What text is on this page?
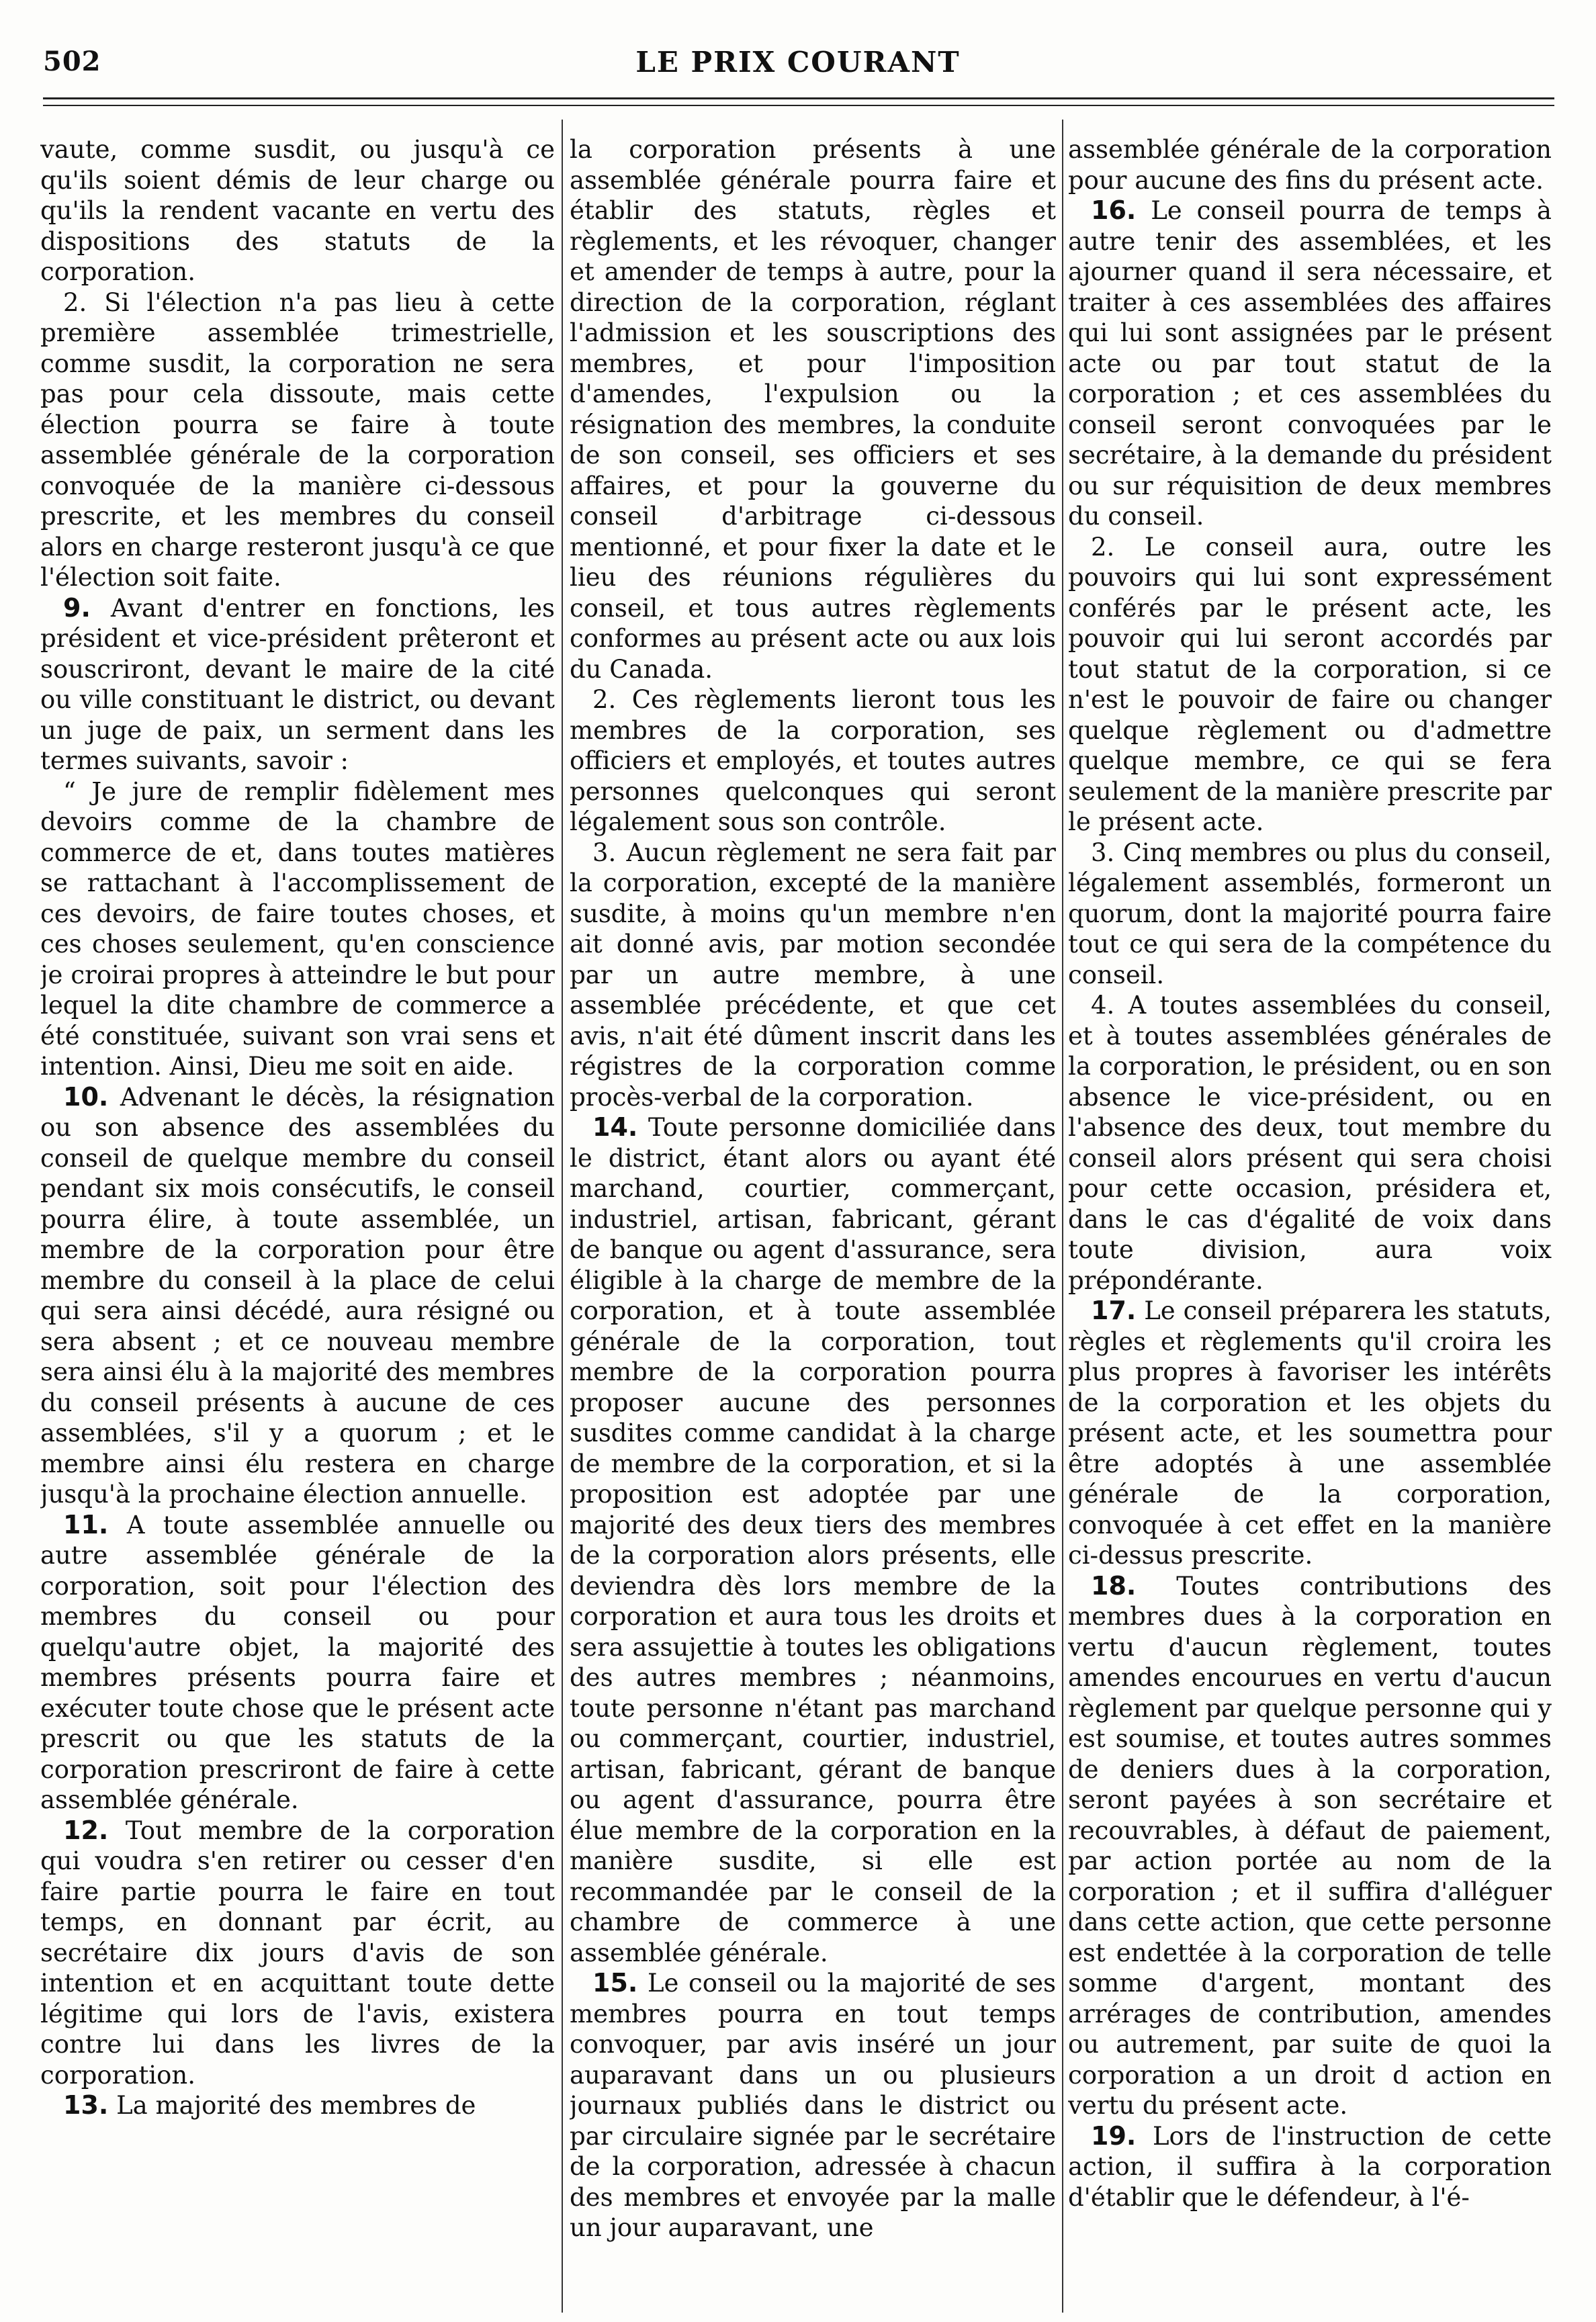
502	LE PRIX COURANT

vaute, comme susdit, ou jusqu'à ce qu'ils soient démis de leur charge ou qu'ils la rendent vacante en vertu des dispositions des statuts de la corporation.

2. Si l'élection n'a pas lieu à cette première assemblée trimestrielle, comme susdit, la corporation ne sera pas pour cela dissoute, mais cette élection pourra se faire à toute assemblée générale de la corporation convoquée de la manière ci-dessous prescrite, et les membres du conseil alors en charge resteront jusqu'à ce que l'élection soit faite.

9. Avant d'entrer en fonctions, les président et vice-président prêteront et souscriront, devant le maire de la cité ou ville constituant le district, ou devant un juge de paix, un serment dans les termes suivants, savoir :

“ Je jure de remplir fidèlement mes devoirs comme de la chambre de commerce de et, dans toutes matières se rattachant à l'accomplissement de ces devoirs, de faire toutes choses, et ces choses seulement, qu'en conscience je croirai propres à atteindre le but pour lequel la dite chambre de commerce a été constituée, suivant son vrai sens et intention. Ainsi, Dieu me soit en aide.

10. Advenant le décès, la résignation ou son absence des assemblées du conseil de quelque membre du conseil pendant six mois consécutifs, le conseil pourra élire, à toute assemblée, un membre de la corporation pour être membre du conseil à la place de celui qui sera ainsi décédé, aura résigné ou sera absent ; et ce nouveau membre sera ainsi élu à la majorité des membres du conseil présents à aucune de ces assemblées, s'il y a quorum ; et le membre ainsi élu restera en charge jusqu'à la prochaine élection annuelle.

11. A toute assemblée annuelle ou autre assemblée générale de la corporation, soit pour l'élection des membres du conseil ou pour quelqu'autre objet, la majorité des membres présents pourra faire et exécuter toute chose que le présent acte prescrit ou que les statuts de la corporation prescriront de faire à cette assemblée générale.

12. Tout membre de la corporation qui voudra s'en retirer ou cesser d'en faire partie pourra le faire en tout temps, en donnant par écrit, au secrétaire dix jours d'avis de son intention et en acquittant toute dette légitime qui lors de l'avis, existera contre lui dans les livres de la corporation.

13. La majorité des membres de

la corporation présents à une assemblée générale pourra faire et établir des statuts, règles et règlements, et les révoquer, changer et amender de temps à autre, pour la direction de la corporation, réglant l'admission et les souscriptions des membres, et pour l'imposition d'amendes, l'expulsion ou la résignation des membres, la conduite de son conseil, ses officiers et ses affaires, et pour la gouverne du conseil d'arbitrage ci-dessous mentionné, et pour fixer la date et le lieu des réunions régulières du conseil, et tous autres règlements conformes au présent acte ou aux lois du Canada.

2. Ces règlements lieront tous les membres de la corporation, ses officiers et employés, et toutes autres personnes quelconques qui seront légalement sous son contrôle.

3. Aucun règlement ne sera fait par la corporation, excepté de la manière susdite, à moins qu'un membre n'en ait donné avis, par motion secondée par un autre membre, à une assemblée précédente, et que cet avis, n'ait été dûment inscrit dans les régistres de la corporation comme procès-verbal de la corporation.

14. Toute personne domiciliée dans le district, étant alors ou ayant été marchand, courtier, commerçant, industriel, artisan, fabricant, gérant de banque ou agent d'assurance, sera éligible à la charge de membre de la corporation, et à toute assemblée générale de la corporation, tout membre de la corporation pourra proposer aucune des personnes susdites comme candidat à la charge de membre de la corporation, et si la proposition est adoptée par une majorité des deux tiers des membres de la corporation alors présents, elle deviendra dès lors membre de la corporation et aura tous les droits et sera assujettie à toutes les obligations des autres membres ; néanmoins, toute personne n'étant pas marchand ou commerçant, courtier, industriel, artisan, fabricant, gérant de banque ou agent d'assurance, pourra être élue membre de la corporation en la manière susdite, si elle est recommandée par le conseil de la chambre de commerce à une assemblée générale.

15. Le conseil ou la majorité de ses membres pourra en tout temps convoquer, par avis inséré un jour auparavant dans un ou plusieurs journaux publiés dans le district ou par circulaire signée par le secrétaire de la corporation, adressée à chacun des membres et envoyée par la malle un jour auparavant, une

assemblée générale de la corporation pour aucune des fins du présent acte.

16. Le conseil pourra de temps à autre tenir des assemblées, et les ajourner quand il sera nécessaire, et traiter à ces assemblées des affaires qui lui sont assignées par le présent acte ou par tout statut de la corporation ; et ces assemblées du conseil seront convoquées par le secrétaire, à la demande du président ou sur réquisition de deux membres du conseil.

2. Le conseil aura, outre les pouvoirs qui lui sont expressément conférés par le présent acte, les pouvoir qui lui seront accordés par tout statut de la corporation, si ce n'est le pouvoir de faire ou changer quelque règlement ou d'admettre quelque membre, ce qui se fera seulement de la manière prescrite par le présent acte.

3. Cinq membres ou plus du conseil, légalement assemblés, formeront un quorum, dont la majorité pourra faire tout ce qui sera de la compétence du conseil.

4. A toutes assemblées du conseil, et à toutes assemblées générales de la corporation, le président, ou en son absence le vice-président, ou en l'absence des deux, tout membre du conseil alors présent qui sera choisi pour cette occasion, présidera et, dans le cas d'égalité de voix dans toute division, aura voix prépondérante.

17. Le conseil préparera les statuts, règles et règlements qu'il croira les plus propres à favoriser les intérêts de la corporation et les objets du présent acte, et les soumettra pour être adoptés à une assemblée générale de la corporation, convoquée à cet effet en la manière ci-dessus prescrite.

18. Toutes contributions des membres dues à la corporation en vertu d'aucun règlement, toutes amendes encourues en vertu d'aucun règlement par quelque personne qui y est soumise, et toutes autres sommes de deniers dues à la corporation, seront payées à son secrétaire et recouvrables, à défaut de paiement, par action portée au nom de la corporation ; et il suffira d'alléguer dans cette action, que cette personne est endettée à la corporation de telle somme d'argent, montant des arrérages de contribution, amendes ou autrement, par suite de quoi la corporation a un droit d action en vertu du présent acte.

19. Lors de l'instruction de cette action, il suffira à la corporation d'établir que le défendeur, à l'é-
